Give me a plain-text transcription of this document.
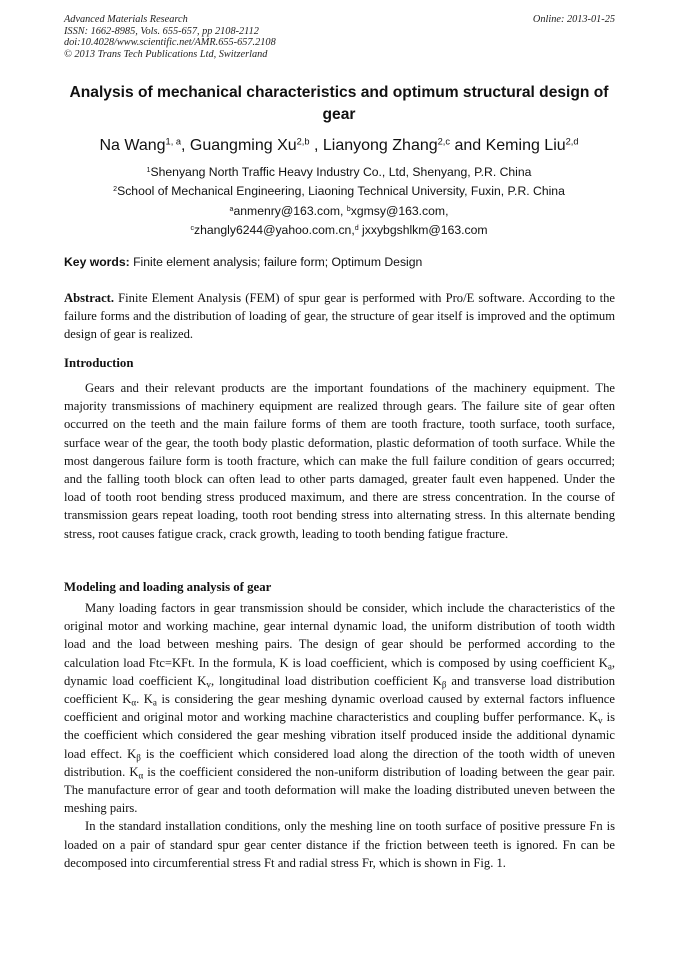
Advanced Materials Research
ISSN: 1662-8985, Vols. 655-657, pp 2108-2112
doi:10.4028/www.scientific.net/AMR.655-657.2108
© 2013 Trans Tech Publications Ltd, Switzerland
Online: 2013-01-25
Analysis of mechanical characteristics and optimum structural design of gear
Na Wang$^{1, a}$, Guangming Xu$^{2,b}$ , Lianyong Zhang$^{2,c}$ and Keming Liu$^{2,d}$
$^1$Shenyang North Traffic Heavy Industry Co., Ltd, Shenyang, P.R. China
$^2$School of Mechanical Engineering, Liaoning Technical University, Fuxin, P.R. China
$^a$anmenry@163.com, $^b$xgmsy@163.com,
$^c$zhangly6244@yahoo.com.cn,$^d$ jxxybgshlkm@163.com
Key words: Finite element analysis; failure form; Optimum Design
Abstract. Finite Element Analysis (FEM) of spur gear is performed with Pro/E software. According to the failure forms and the distribution of loading of gear, the structure of gear itself is improved and the optimum design of gear is realized.
Introduction

Gears and their relevant products are the important foundations of the machinery equipment. The majority transmissions of machinery equipment are realized through gears. The failure site of gear often occurred on the teeth and the main failure forms of them are tooth fracture, tooth surface, tooth surface, surface wear of the gear, the tooth body plastic deformation, plastic deformation of tooth surface. While the most dangerous failure form is tooth fracture, which can make the full failure condition of gears occurred; and the falling tooth block can often lead to other parts damaged, greater fault even happened. Under the load of tooth root bending stress produced maximum, and there are stress concentration. In the course of transmission gears repeat loading, tooth root bending stress into alternating stress. In this alternate bending stress, root causes fatigue crack, crack growth, leading to tooth bending fatigue fracture.

Modeling and loading analysis of gear

Many loading factors in gear transmission should be consider, which include the characteristics of the original motor and working machine, gear internal dynamic load, the uniform distribution of tooth width load and the load between meshing pairs. The design of gear should be performed according to the calculation load Ftc=KFt. In the formula, K is load coefficient, which is composed by using coefficient $K_a$, dynamic load coefficient $K_v$, longitudinal load distribution coefficient $K_\beta$ and transverse load distribution coefficient $K_\alpha$. $K_a$ is considering the gear meshing dynamic overload caused by external factors influence coefficient and original motor and working machine characteristics and coupling buffer performance. $K_v$ is the coefficient which considered the gear meshing vibration itself produced inside the additional dynamic load effect. $K_\beta$ is the coefficient which considered load along the direction of the tooth width of uneven distribution. $K_\alpha$ is the coefficient considered the non-uniform distribution of loading between the gear pair. The manufacture error of gear and tooth deformation will make the loading distributed uneven between the meshing pairs.

In the standard installation conditions, only the meshing line on tooth surface of positive pressure Fn is loaded on a pair of standard spur gear center distance if the friction between teeth is ignored. Fn can be decomposed into circumferential stress Ft and radial stress Fr, which is shown in Fig. 1.
